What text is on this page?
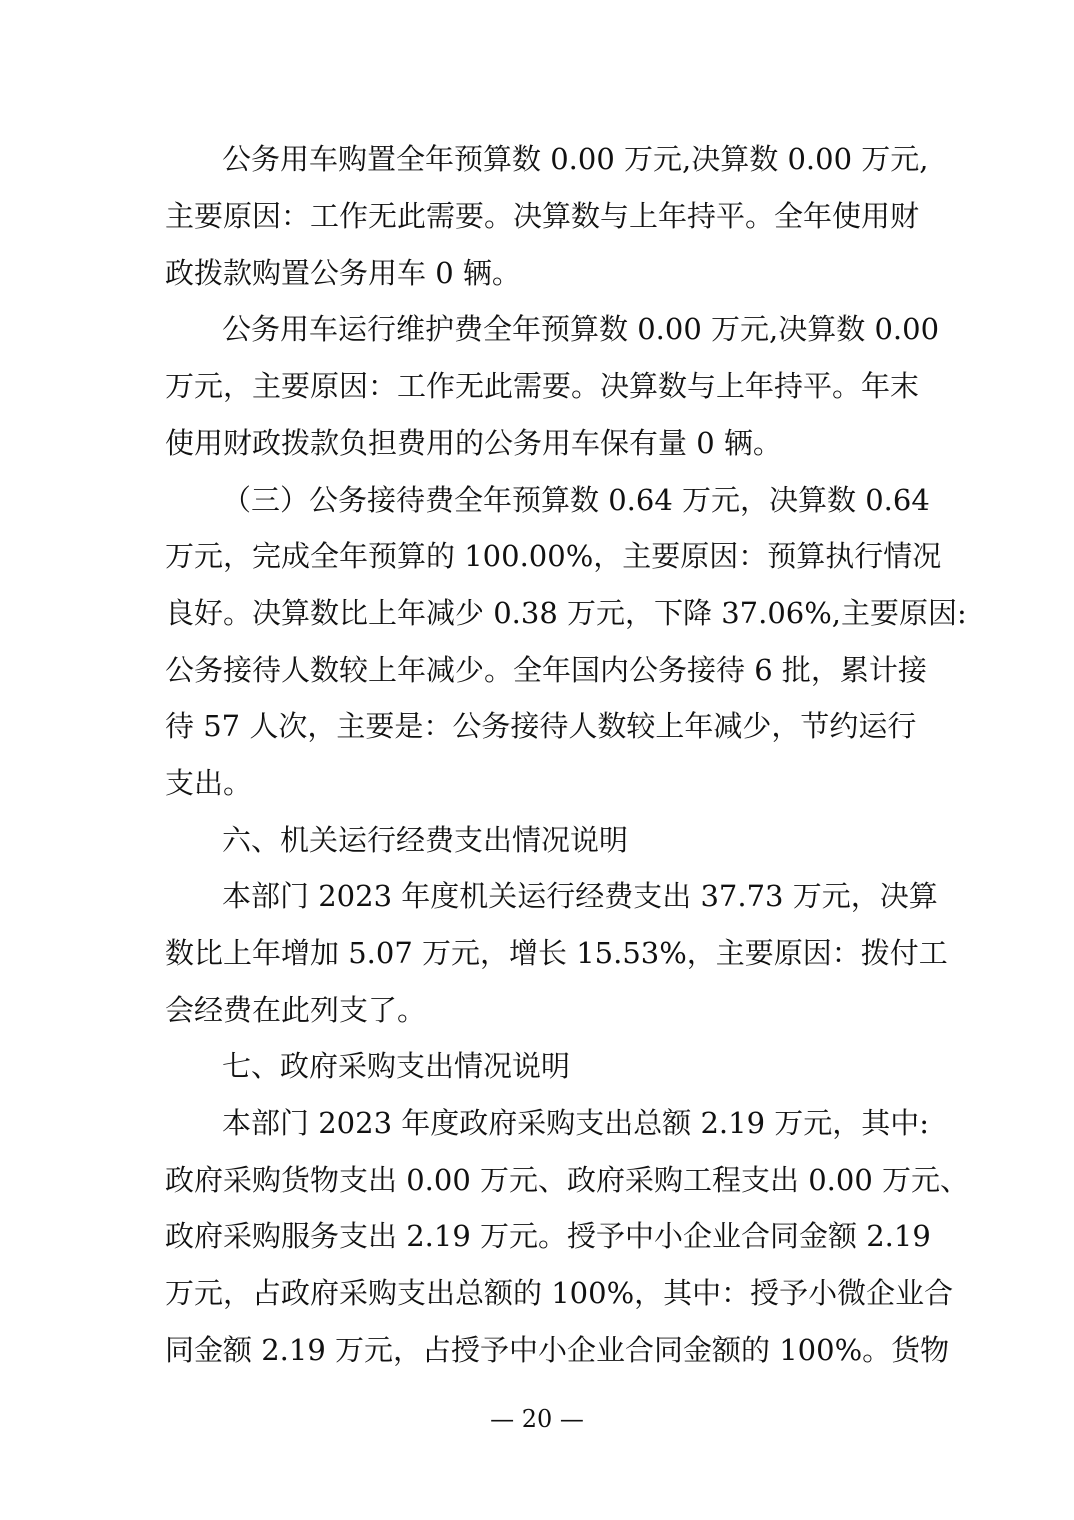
公务用车购置全年预算数 0.00 万元,决算数 0.00 万元,
主要原因：工作无此需要。决算数与上年持平。全年使用财
政拨款购置公务用车 0 辆。
公务用车运行维护费全年预算数 0.00 万元,决算数 0.00
万元，主要原因：工作无此需要。决算数与上年持平。年末
使用财政拨款负担费用的公务用车保有量 0 辆。
（三）公务接待费全年预算数 0.64 万元，决算数 0.64
万元，完成全年预算的 100.00%，主要原因：预算执行情况
良好。决算数比上年减少 0.38 万元，下降 37.06%,主要原因:
公务接待人数较上年减少。全年国内公务接待 6 批，累计接
待 57 人次，主要是：公务接待人数较上年减少，节约运行
支出。
六、机关运行经费支出情况说明
本部门 2023 年度机关运行经费支出 37.73 万元，决算
数比上年增加 5.07 万元，增长 15.53%，主要原因：拨付工
会经费在此列支了。
七、政府采购支出情况说明
本部门 2023 年度政府采购支出总额 2.19 万元，其中:
政府采购货物支出 0.00 万元、政府采购工程支出 0.00 万元、
政府采购服务支出 2.19 万元。授予中小企业合同金额 2.19
万元，占政府采购支出总额的 100%，其中：授予小微企业合
同金额 2.19 万元，占授予中小企业合同金额的 100%。货物
— 20 —
